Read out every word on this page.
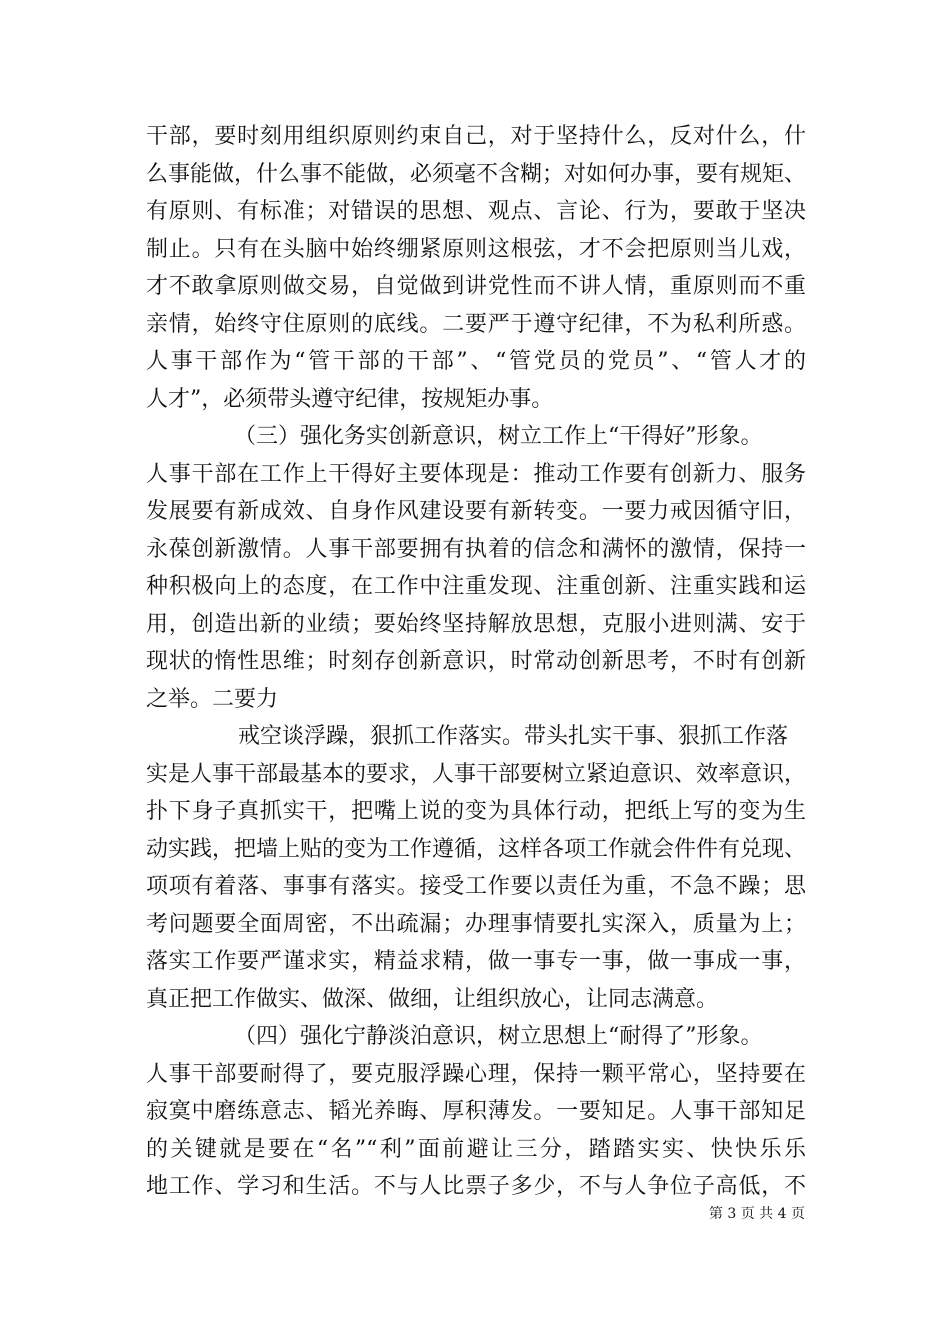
干部，要时刻用组织原则约束自己，对于坚持什么，反对什么，什
么事能做，什么事不能做，必须毫不含糊；对如何办事，要有规矩、
有原则、有标准；对错误的思想、观点、言论、行为，要敢于坚决
制止。只有在头脑中始终绷紧原则这根弦，才不会把原则当儿戏，
才不敢拿原则做交易，自觉做到讲党性而不讲人情，重原则而不重
亲情，始终守住原则的底线。二要严于遵守纪律，不为私利所惑。
人事干部作为“管干部的干部”、“管党员的党员”、“管人才的
人才”，必须带头遵守纪律，按规矩办事。
（三）强化务实创新意识，树立工作上“干得好”形象。
人事干部在工作上干得好主要体现是：推动工作要有创新力、服务
发展要有新成效、自身作风建设要有新转变。一要力戒因循守旧，
永葆创新激情。人事干部要拥有执着的信念和满怀的激情，保持一
种积极向上的态度，在工作中注重发现、注重创新、注重实践和运
用，创造出新的业绩；要始终坚持解放思想，克服小进则满、安于
现状的惰性思维；时刻存创新意识，时常动创新思考，不时有创新
之举。二要力
戒空谈浮躁，狠抓工作落实。带头扎实干事、狠抓工作落
实是人事干部最基本的要求，人事干部要树立紧迫意识、效率意识，
扑下身子真抓实干，把嘴上说的变为具体行动，把纸上写的变为生
动实践，把墙上贴的变为工作遵循，这样各项工作就会件件有兑现、
项项有着落、事事有落实。接受工作要以责任为重，不急不躁；思
考问题要全面周密，不出疏漏；办理事情要扎实深入，质量为上；
落实工作要严谨求实，精益求精，做一事专一事，做一事成一事，
真正把工作做实、做深、做细，让组织放心，让同志满意。
（四）强化宁静淡泊意识，树立思想上“耐得了”形象。
人事干部要耐得了，要克服浮躁心理，保持一颗平常心，坚持要在
寂寞中磨练意志、韬光养晦、厚积薄发。一要知足。人事干部知足
的关键就是要在“名”“利”面前避让三分，踏踏实实、快快乐乐
地工作、学习和生活。不与人比票子多少，不与人争位子高低，不
第 3 页 共 4 页
